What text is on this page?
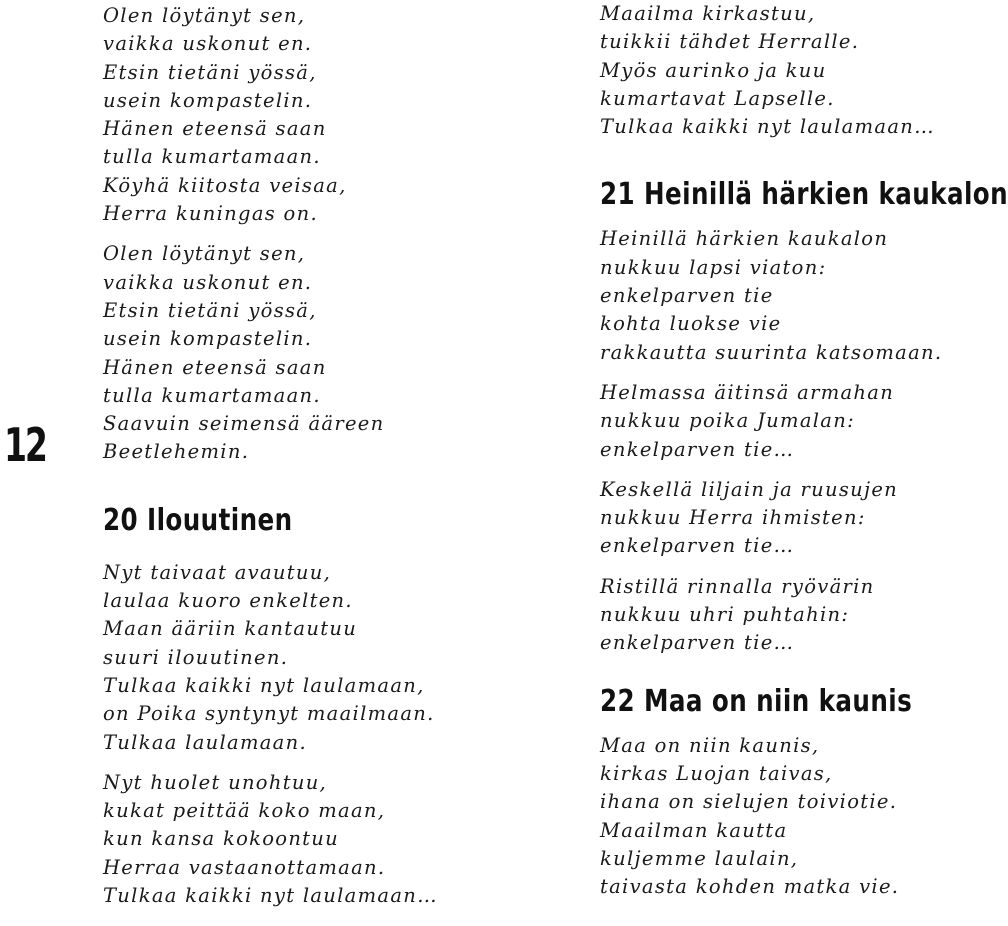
12
Olen löytänyt sen,
vaikka uskonut en.
Etsin tietäni yössä,
usein kompastelin.
Hänen eteensä saan
tulla kumartamaan.
Köyhä kiitosta veisaa,
Herra kuningas on.
Olen löytänyt sen,
vaikka uskonut en.
Etsin tietäni yössä,
usein kompastelin.
Hänen eteensä saan
tulla kumartamaan.
Saavuin seimensä ääreen
Beetlehemin.
20 Ilouutinen
Nyt taivaat avautuu,
laulaa kuoro enkelten.
Maan ääriin kantautuu
suuri ilouutinen.
Tulkaa kaikki nyt laulamaan,
on Poika syntynyt maailmaan.
Tulkaa laulamaan.
Nyt huolet unohtuu,
kukat peittää koko maan,
kun kansa kokoontuu
Herraa vastaanottamaan.
Tulkaa kaikki nyt laulamaan…
Maailma kirkastuu,
tuikkii tähdet Herralle.
Myös aurinko ja kuu
kumartavat Lapselle.
Tulkaa kaikki nyt laulamaan…
21 Heinillä härkien kaukalon
Heinillä härkien kaukalon
nukkuu lapsi viaton:
enkelparven tie
kohta luokse vie
rakkautta suurinta katsomaan.
Helmassa äitinsä armahan
nukkuu poika Jumalan:
enkelparven tie…
Keskellä liljain ja ruusujen
nukkuu Herra ihmisten:
enkelparven tie…
Ristillä rinnalla ryövärin
nukkuu uhri puhtahin:
enkelparven tie…
22 Maa on niin kaunis
Maa on niin kaunis,
kirkas Luojan taivas,
ihana on sielujen toiviotie.
Maailman kautta
kuljemme laulain,
taivasta kohden matka vie.
